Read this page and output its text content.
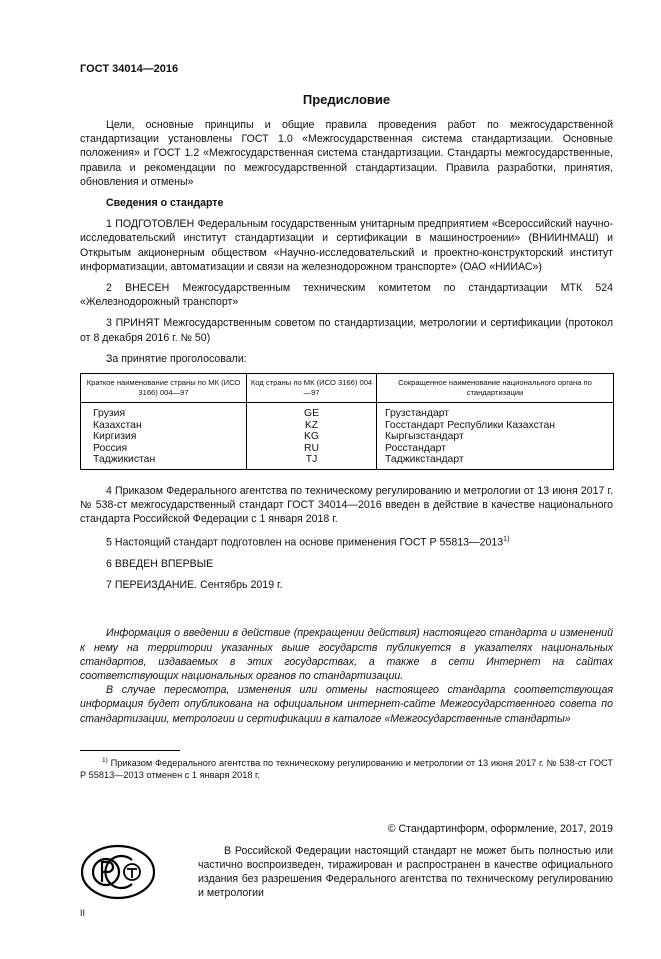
ГОСТ 34014—2016
Предисловие

Цели, основные принципы и общие правила проведения работ по межгосударственной стандартизации установлены ГОСТ 1.0 «Межгосударственная система стандартизации. Основные положения» и ГОСТ 1.2 «Межгосударственная система стандартизации. Стандарты межгосударственные, правила и рекомендации по межгосударственной стандартизации. Правила разработки, принятия, обновления и отмены»

Сведения о стандарте

1 ПОДГОТОВЛЕН Федеральным государственным унитарным предприятием «Всероссийский научно-исследовательский институт стандартизации и сертификации в машиностроении» (ВНИИНМАШ) и Открытым акционерным обществом «Научно-исследовательский и проектно-конструкторский институт информатизации, автоматизации и связи на железнодорожном транспорте» (ОАО «НИИАС»)

2 ВНЕСЕН Межгосударственным техническим комитетом по стандартизации МТК 524 «Железнодорожный транспорт»

3 ПРИНЯТ Межгосударственным советом по стандартизации, метрологии и сертификации (протокол от 8 декабря 2016 г. № 50)

За принятие проголосовали:

Краткое наименование страны по МК (ИСО 3166) 004—97	Код страны по МК (ИСО 3166) 004—97	Сокращенное наименование национального органа по стандартизации
Грузия	GE	Грузстандарт
Казахстан	KZ	Госстандарт Республики Казахстан
Киргизия	KG	Кыргызстандарт
Россия	RU	Росстандарт
Таджикистан	TJ	Таджикстандарт

4 Приказом Федерального агентства по техническому регулированию и метрологии от 13 июня 2017 г. № 538-ст межгосударственный стандарт ГОСТ 34014—2016 введен в действие в качестве национального стандарта Российской Федерации с 1 января 2018 г.

5 Настоящий стандарт подготовлен на основе применения ГОСТ Р 55813—2013$^{1)}$

6 ВВЕДЕН ВПЕРВЫЕ

7 ПЕРЕИЗДАНИЕ. Сентябрь 2019 г.

Информация о введении в действие (прекращении действия) настоящего стандарта и изменений к нему на территории указанных выше государств публикуется в указателях национальных стандартов, издаваемых в этих государствах, а также в сети Интернет на сайтах соответствующих национальных органов по стандартизации.

В случае пересмотра, изменения или отмены настоящего стандарта соответствующая информация будет опубликована на официальном интернет-сайте Межгосударственного совета по стандартизации, метрологии и сертификации в каталоге «Межгосударственные стандарты»

$^{1)}$ Приказом Федерального агентства по техническому регулированию и метрологии от 13 июня 2017 г. № 538-ст ГОСТ Р 55813—2013 отменен с 1 января 2018 г.

© Стандартинформ, оформление, 2017, 2019

В Российской Федерации настоящий стандарт не может быть полностью или частично воспроизведен, тиражирован и распространен в качестве официального издания без разрешения Федерального агентства по техническому регулированию и метрологии

II
